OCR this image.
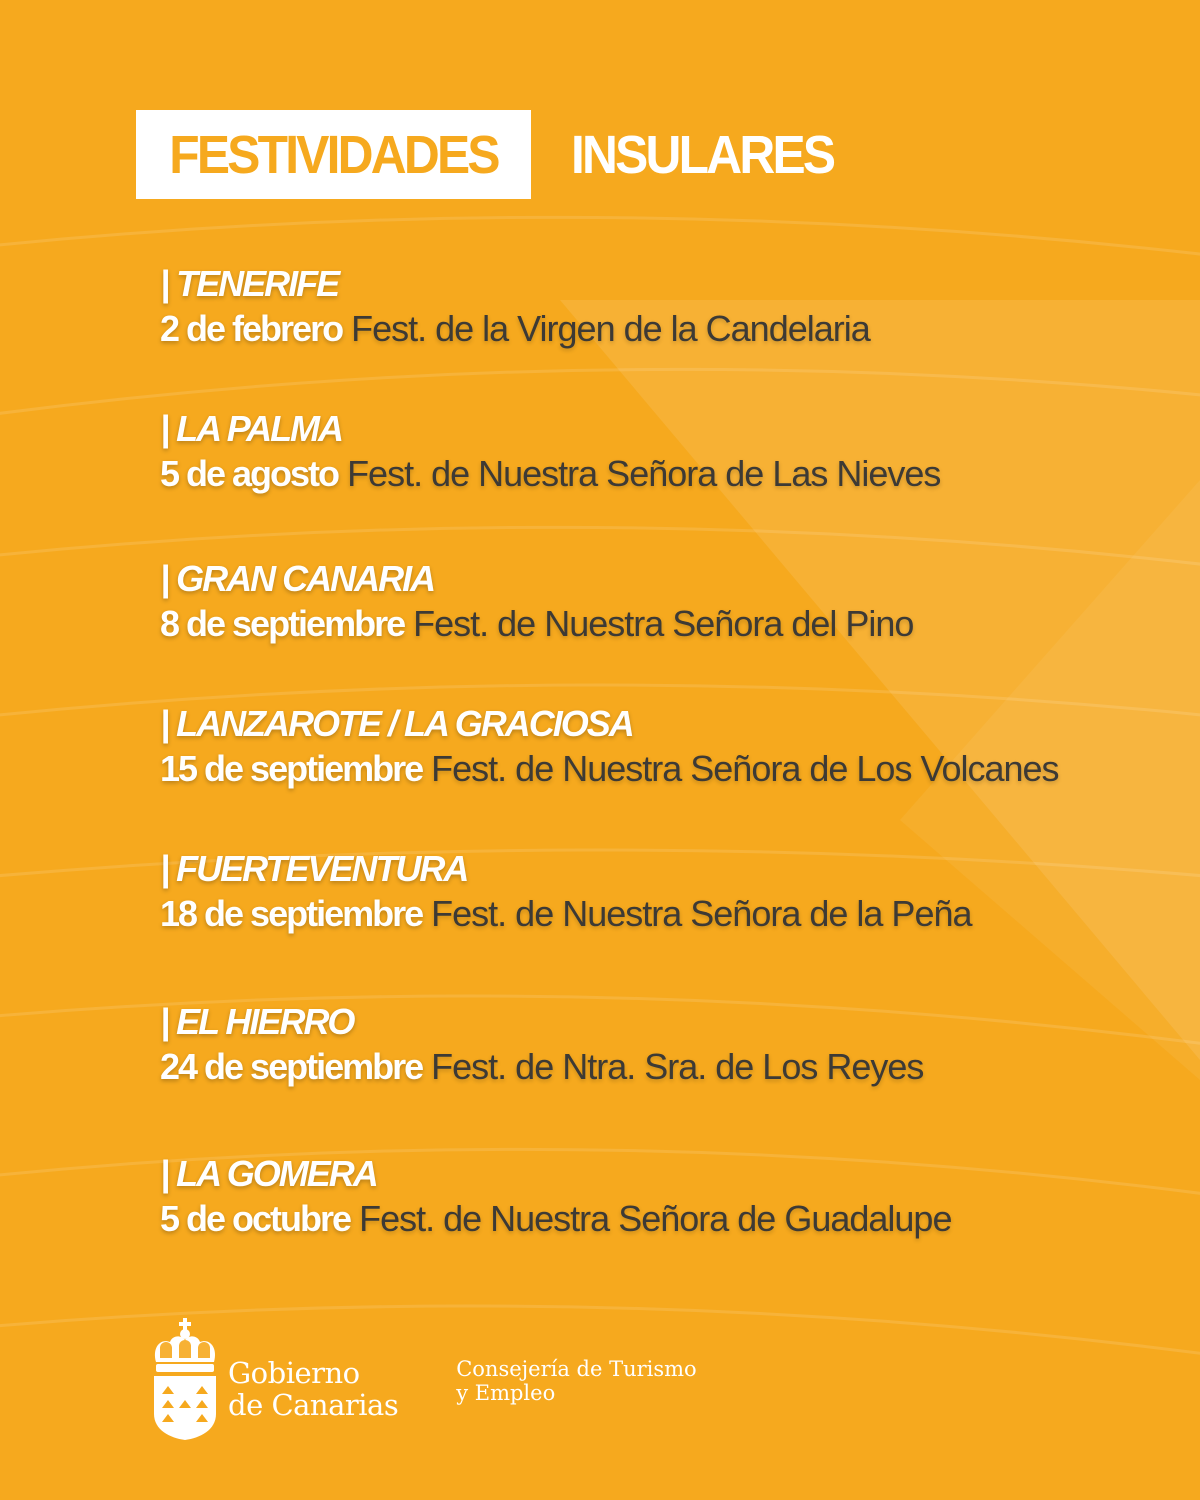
FESTIVIDADES INSULARES
| TENERIFE
2 de febrero Fest. de la Virgen de la Candelaria
| LA PALMA
5 de agosto Fest. de Nuestra Señora de Las Nieves
| GRAN CANARIA
8 de septiembre Fest. de Nuestra Señora del Pino
| LANZAROTE / LA GRACIOSA
15 de septiembre Fest. de Nuestra Señora de Los Volcanes
| FUERTEVENTURA
18 de septiembre Fest. de Nuestra Señora de la Peña
| EL HIERRO
24 de septiembre Fest. de Ntra. Sra. de Los Reyes
| LA GOMERA
5 de octubre Fest. de Nuestra Señora de Guadalupe
Gobierno
de Canarias
Consejería de Turismo
y Empleo
